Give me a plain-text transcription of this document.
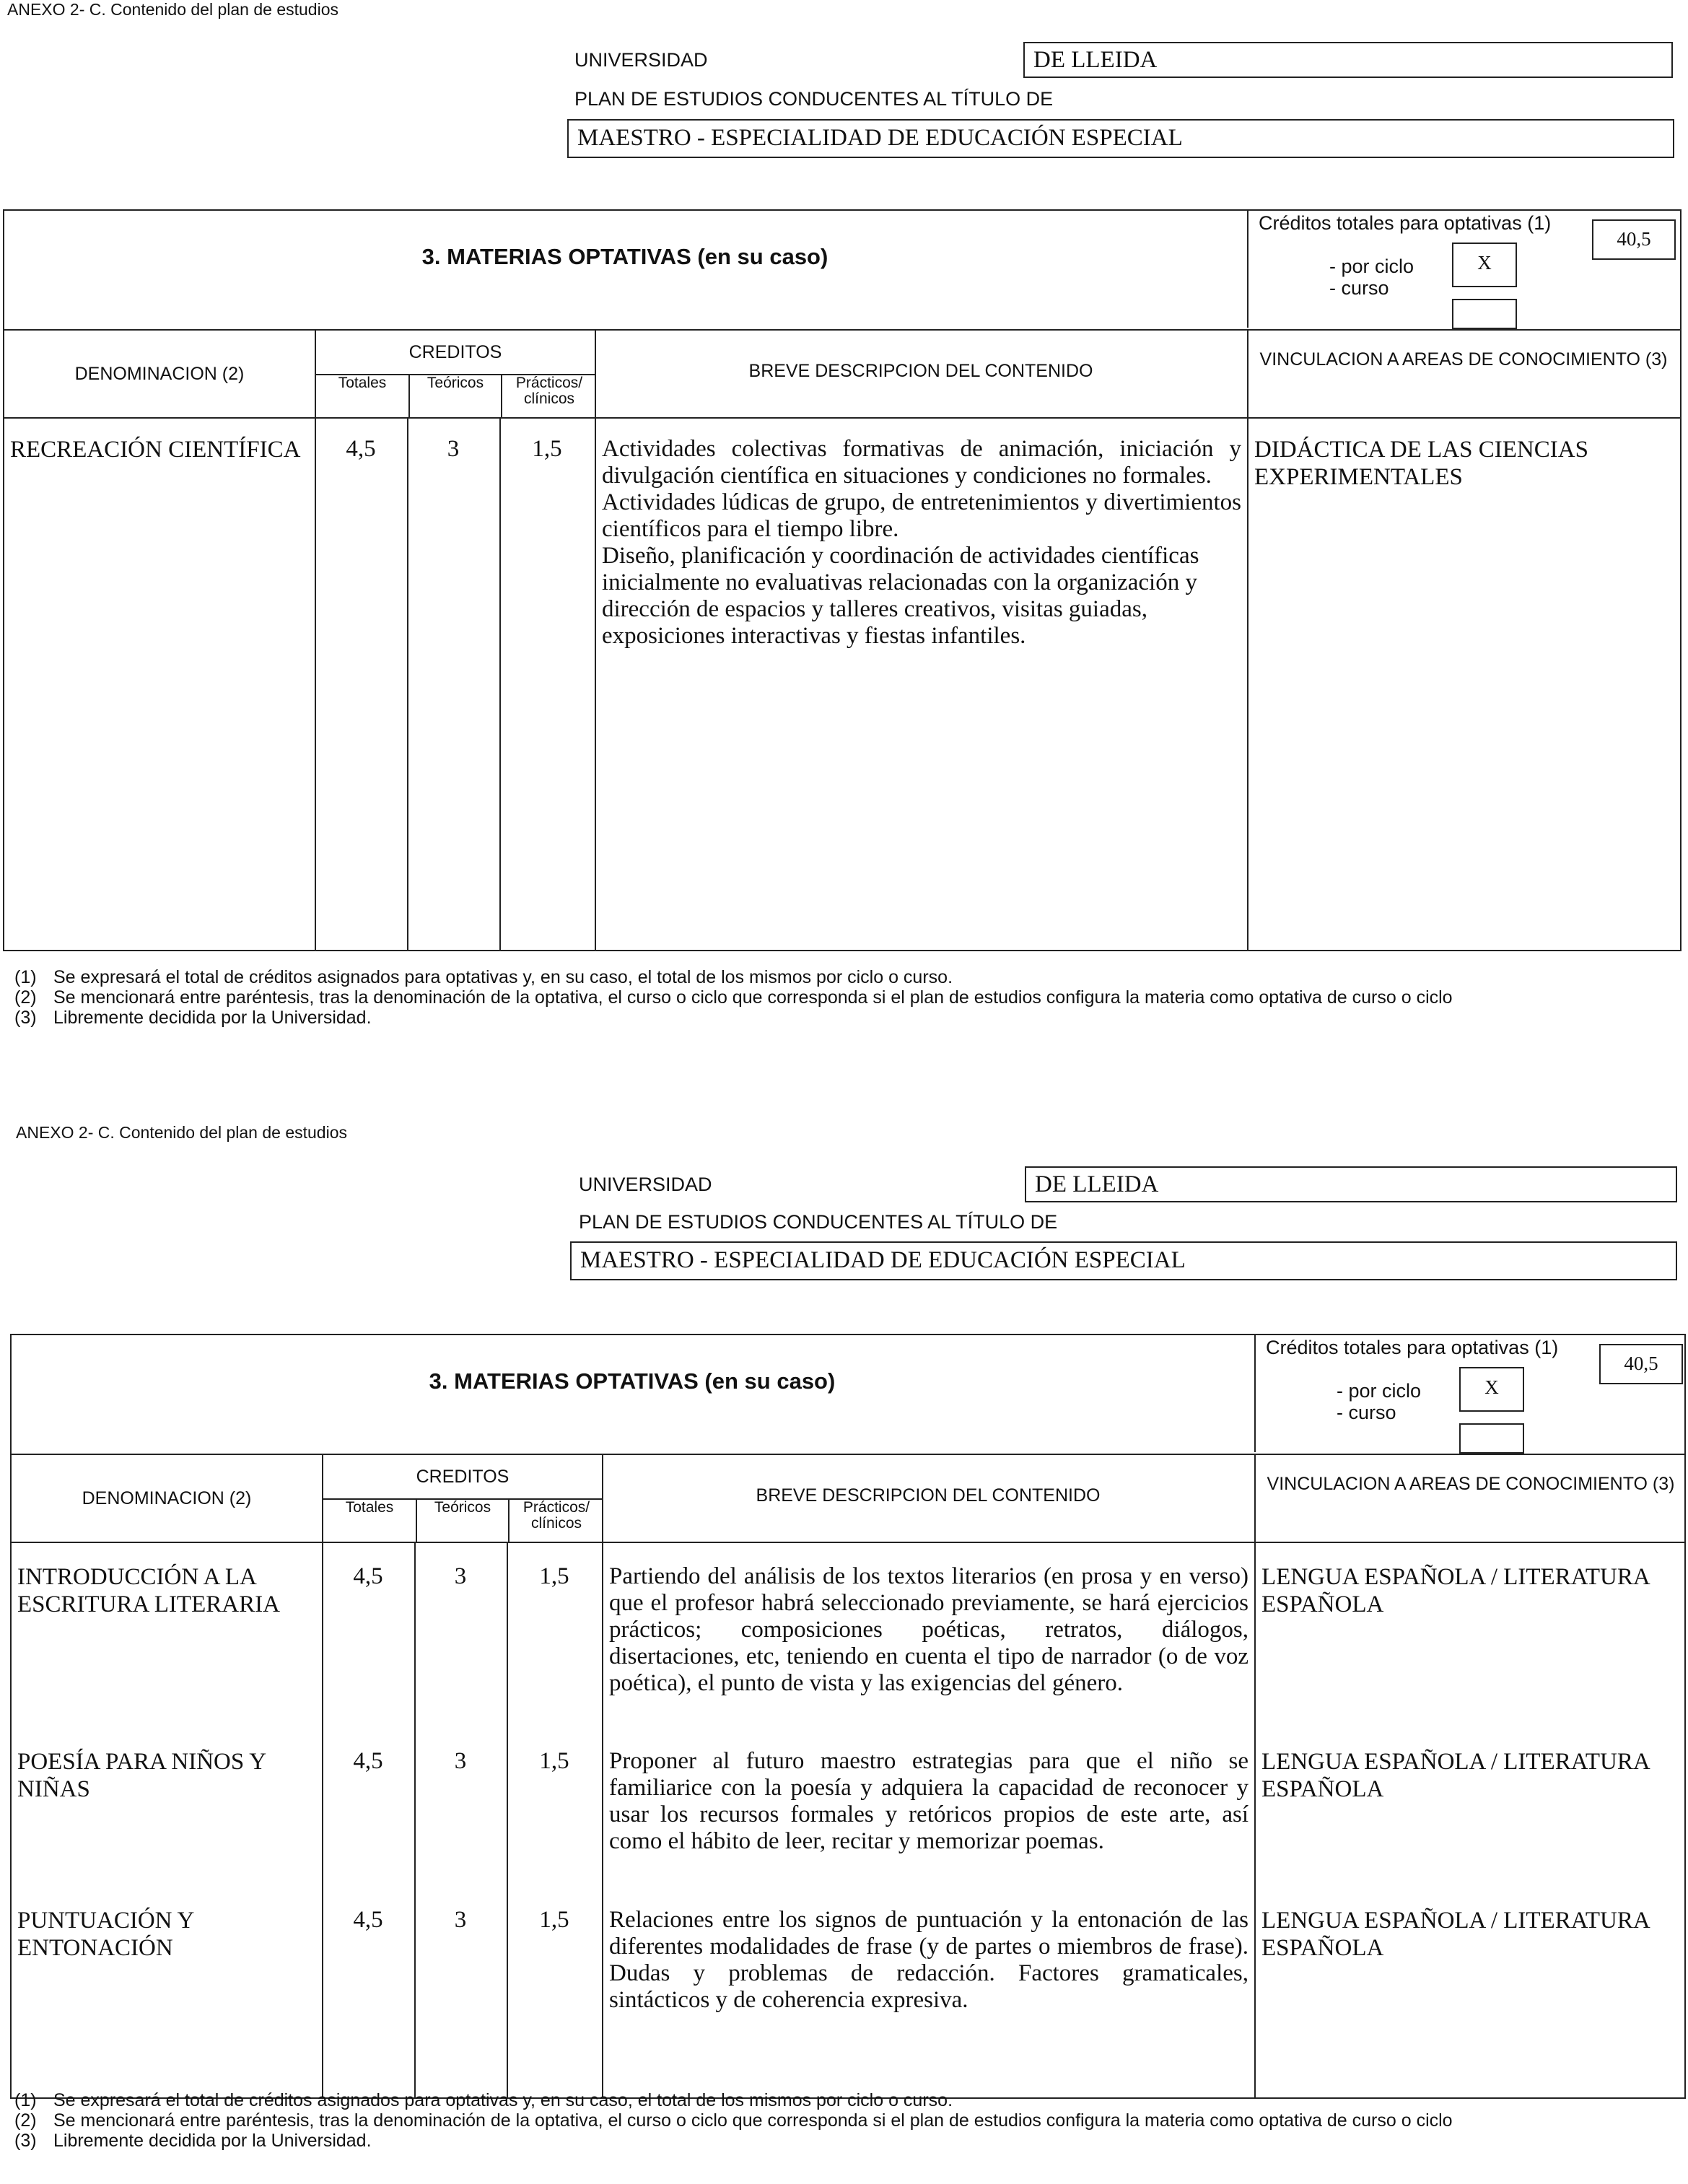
ANEXO 2- C. Contenido del plan de estudios
UNIVERSIDAD	DE LLEIDA
PLAN DE ESTUDIOS CONDUCENTES AL TÍTULO DE
MAESTRO - ESPECIALIDAD DE EDUCACIÓN ESPECIAL
3. MATERIAS OPTATIVAS (en su caso)
Créditos totales para optativas (1)
40,5
- por ciclo
- curso
X
DENOMINACION (2)
CREDITOS
Totales	Teóricos	Prácticos/ clínicos
BREVE DESCRIPCION DEL CONTENIDO
VINCULACION A AREAS DE CONOCIMIENTO (3)
RECREACIÓN CIENTÍFICA	4,5	3	1,5	Actividades colectivas formativas de animación, iniciación y divulgación científica en situaciones y condiciones no formales.

Actividades lúdicas de grupo, de entretenimientos y divertimientos científicos para el tiempo libre.

Diseño, planificación y coordinación de actividades científicas inicialmente no evaluativas relacionadas con la organización y dirección de espacios y talleres creativos, visitas guiadas, exposiciones interactivas y fiestas infantiles.

DIDÁCTICA DE LAS CIENCIAS EXPERIMENTALES
(1) Se expresará el total de créditos asignados para optativas y, en su caso, el total de los mismos por ciclo o curso.
(2) Se mencionará entre paréntesis, tras la denominación de la optativa, el curso o ciclo que corresponda si el plan de estudios configura la materia como optativa de curso o ciclo
(3) Libremente decidida por la Universidad.
ANEXO 2- C. Contenido del plan de estudios
UNIVERSIDAD	DE LLEIDA
PLAN DE ESTUDIOS CONDUCENTES AL TÍTULO DE
MAESTRO - ESPECIALIDAD DE EDUCACIÓN ESPECIAL
3. MATERIAS OPTATIVAS (en su caso)
Créditos totales para optativas (1)
40,5
- por ciclo
- curso
X
DENOMINACION (2)
CREDITOS
Totales	Teóricos	Prácticos/ clínicos
BREVE DESCRIPCION DEL CONTENIDO
VINCULACION A AREAS DE CONOCIMIENTO (3)
INTRODUCCIÓN A LA ESCRITURA LITERARIA
4,5	3	1,5	Partiendo del análisis de los textos literarios (en prosa y en verso) que el profesor habrá seleccionado previamente, se hará ejercicios prácticos; composiciones poéticas, retratos, diálogos, disertaciones, etc, teniendo en cuenta el tipo de narrador (o de voz poética), el punto de vista y las exigencias del género.
LENGUA ESPAÑOLA / LITERATURA ESPAÑOLA
POESÍA PARA NIÑOS Y NIÑAS
4,5	3	1,5	Proponer al futuro maestro estrategias para que el niño se familiarice con la poesía y adquiera la capacidad de reconocer y usar los recursos formales y retóricos propios de este arte, así como el hábito de leer, recitar y memorizar poemas.
LENGUA ESPAÑOLA / LITERATURA ESPAÑOLA
PUNTUACIÓN Y ENTONACIÓN
4,5	3	1,5	Relaciones entre los signos de puntuación y la entonación de las diferentes modalidades de frase (y de partes o miembros de frase). Dudas y problemas de redacción. Factores gramaticales, sintácticos y de coherencia expresiva.
LENGUA ESPAÑOLA / LITERATURA ESPAÑOLA
(1) Se expresará el total de créditos asignados para optativas y, en su caso, el total de los mismos por ciclo o curso.
(2) Se mencionará entre paréntesis, tras la denominación de la optativa, el curso o ciclo que corresponda si el plan de estudios configura la materia como optativa de curso o ciclo
(3) Libremente decidida por la Universidad.
